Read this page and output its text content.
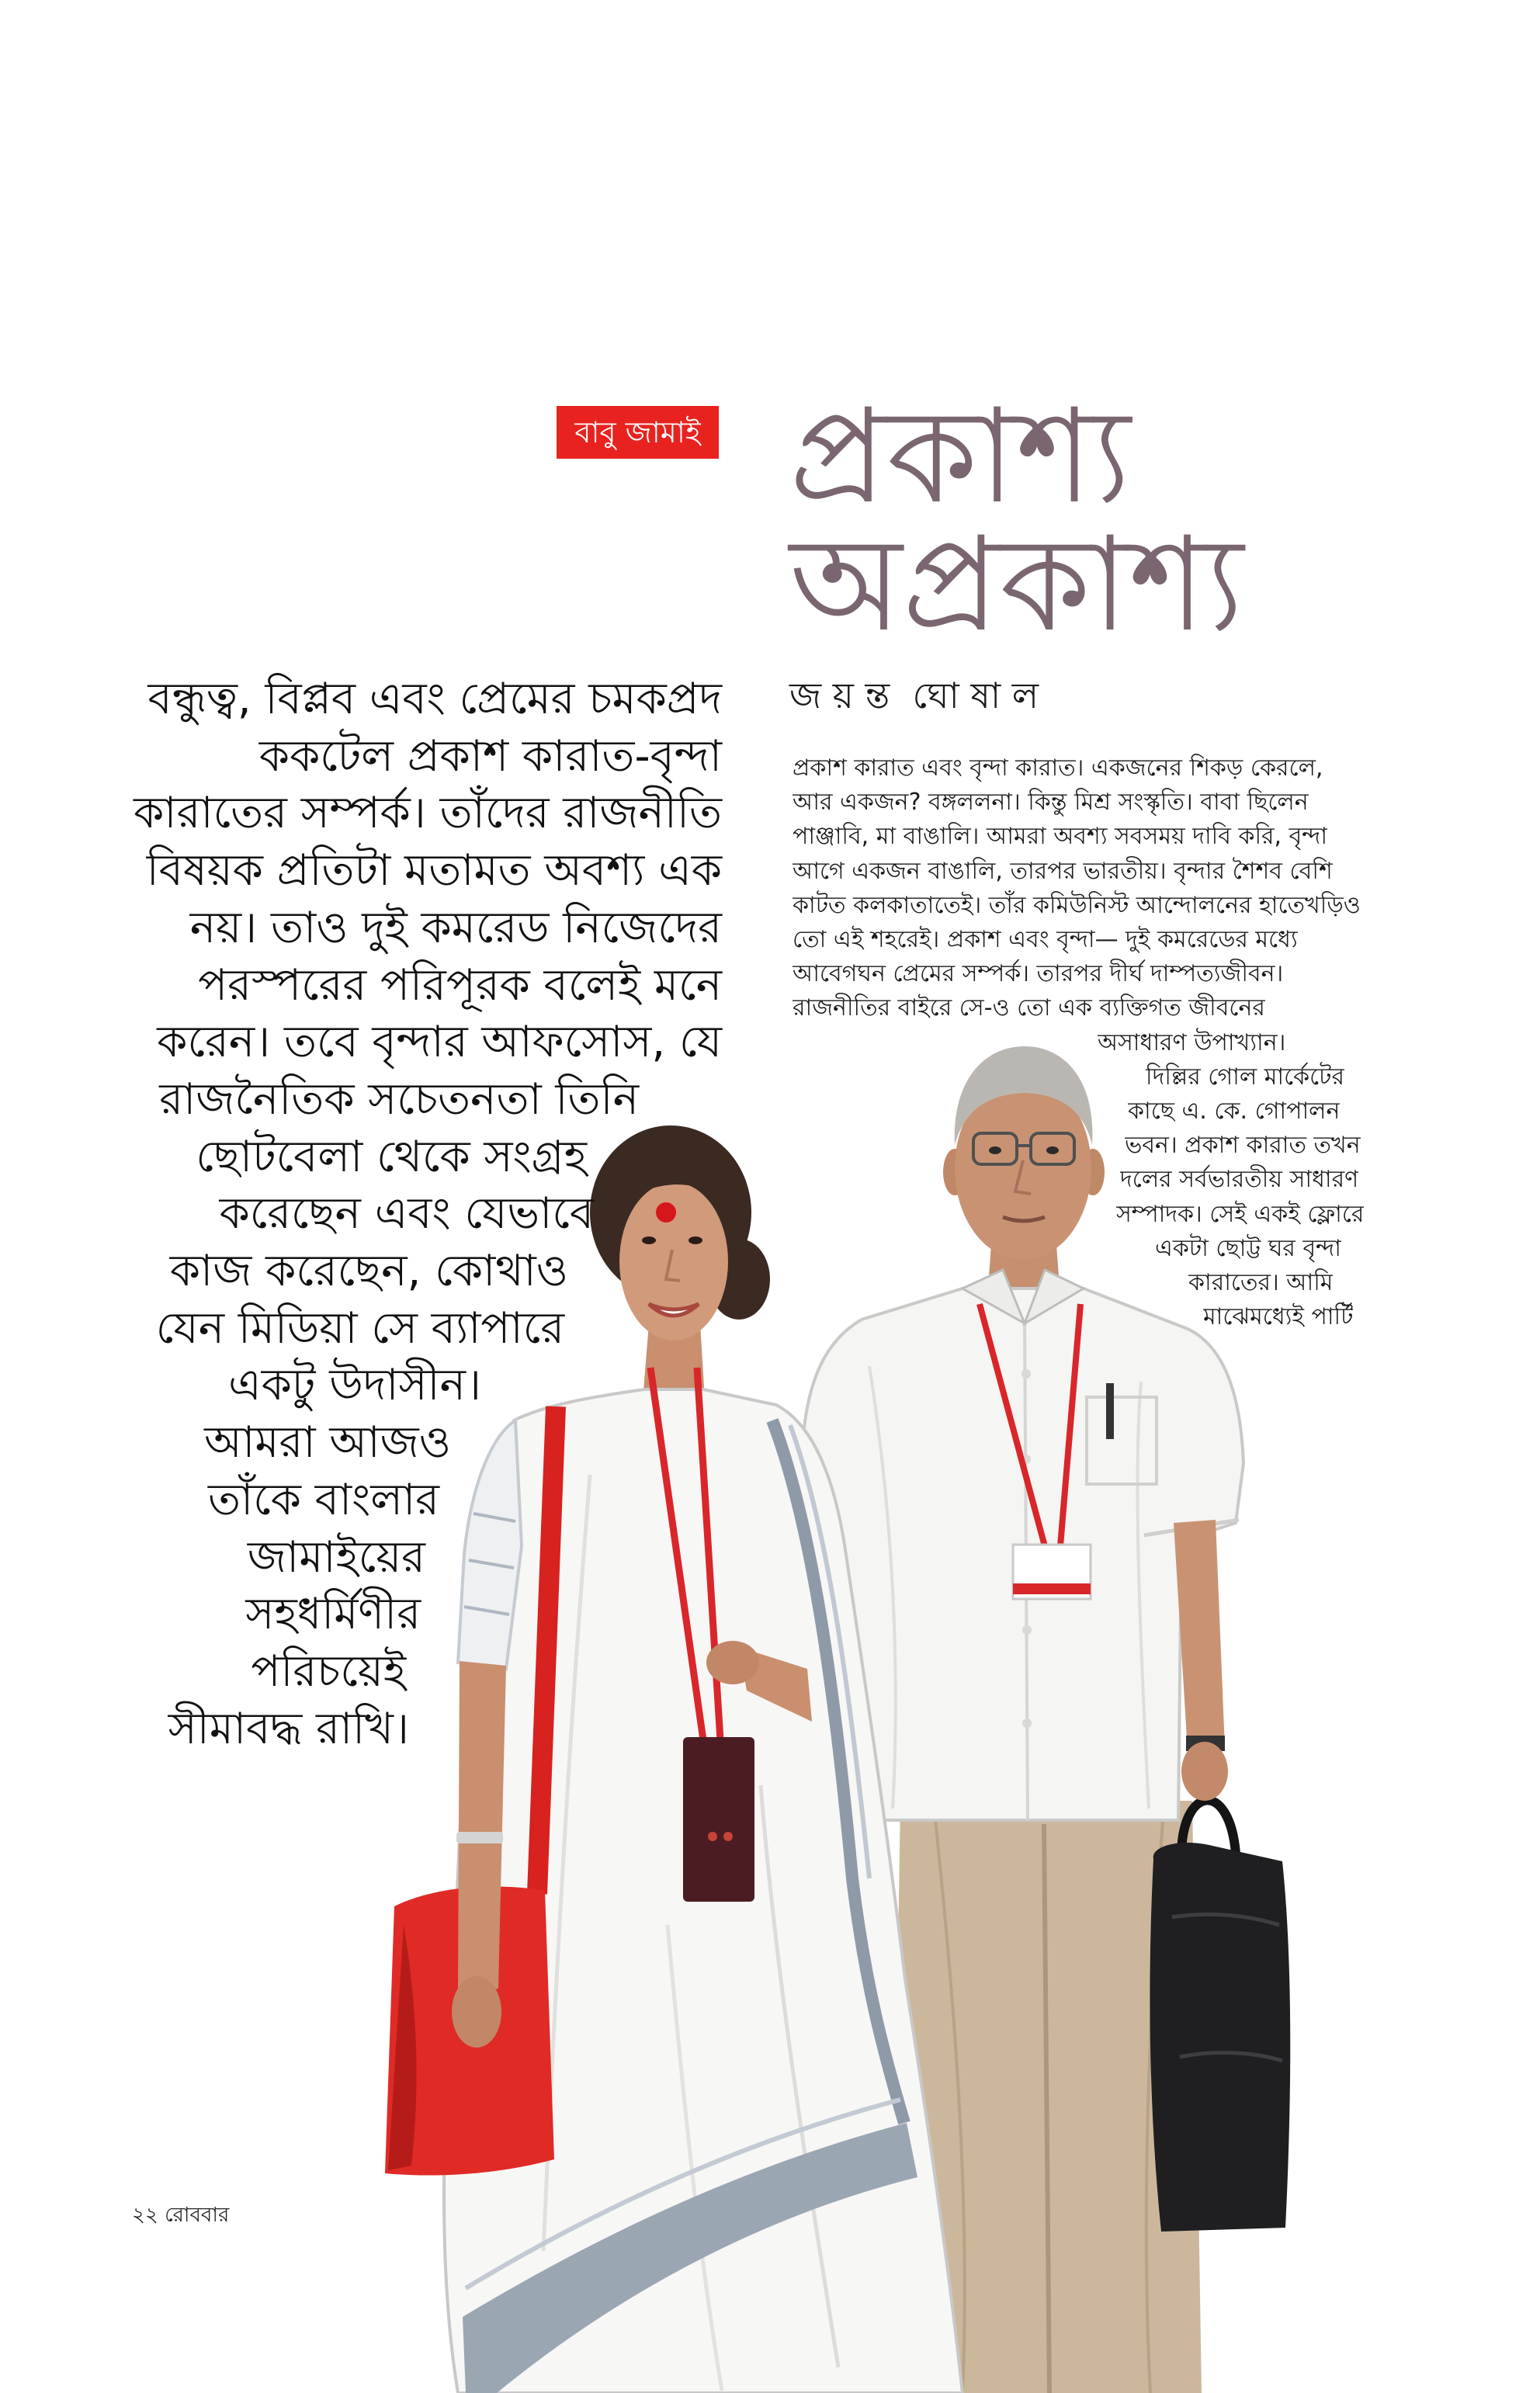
বাবু জামাই প্রকাশ্য
অপ্রকাশ্য
জ য় ন্ত  ঘো ষা ল
বন্ধুত্ব, বিপ্লব এবং প্রেমের চমকপ্রদ
ককটেল প্রকাশ কারাত-বৃন্দা
কারাতের সম্পর্ক। তাঁদের রাজনীতি
বিষয়ক প্রতিটা মতামত অবশ্য এক
নয়। তাও দুই কমরেড নিজেদের
পরস্পরের পরিপূরক বলেই মনে
করেন। তবে বৃন্দার আফসোস, যে
রাজনৈতিক সচেতনতা তিনি
ছোটবেলা থেকে সংগ্রহ
করেছেন এবং যেভাবে
কাজ করেছেন, কোথাও
যেন মিডিয়া সে ব্যাপারে
একটু উদাসীন।
আমরা আজও
তাঁকে বাংলার
জামাইয়ের
সহধর্মিণীর
পরিচয়েই
সীমাবদ্ধ রাখি।
প্রকাশ কারাত এবং বৃন্দা কারাত। একজনের শিকড় কেরলে,
আর একজন? বঙ্গললনা। কিন্তু মিশ্র সংস্কৃতি। বাবা ছিলেন
পাঞ্জাবি, মা বাঙালি। আমরা অবশ্য সবসময় দাবি করি, বৃন্দা
আগে একজন বাঙালি, তারপর ভারতীয়। বৃন্দার শৈশব বেশি
কাটত কলকাতাতেই। তাঁর কমিউনিস্ট আন্দোলনের হাতেখড়িও
তো এই শহরেই। প্রকাশ এবং বৃন্দা— দুই কমরেডের মধ্যে
আবেগঘন প্রেমের সম্পর্ক। তারপর দীর্ঘ দাম্পত্যজীবন।
রাজনীতির বাইরে সে-ও তো এক ব্যক্তিগত জীবনের
অসাধারণ উপাখ্যান।
দিল্লির গোল মার্কেটের
কাছে এ. কে. গোপালন
ভবন। প্রকাশ কারাত তখন
দলের সর্বভারতীয় সাধারণ
সম্পাদক। সেই একই ফ্লোরে
একটা ছোট্ট ঘর বৃন্দা
কারাতের। আমি
মাঝেমধ্যেই পার্টি
২২ রোববার
